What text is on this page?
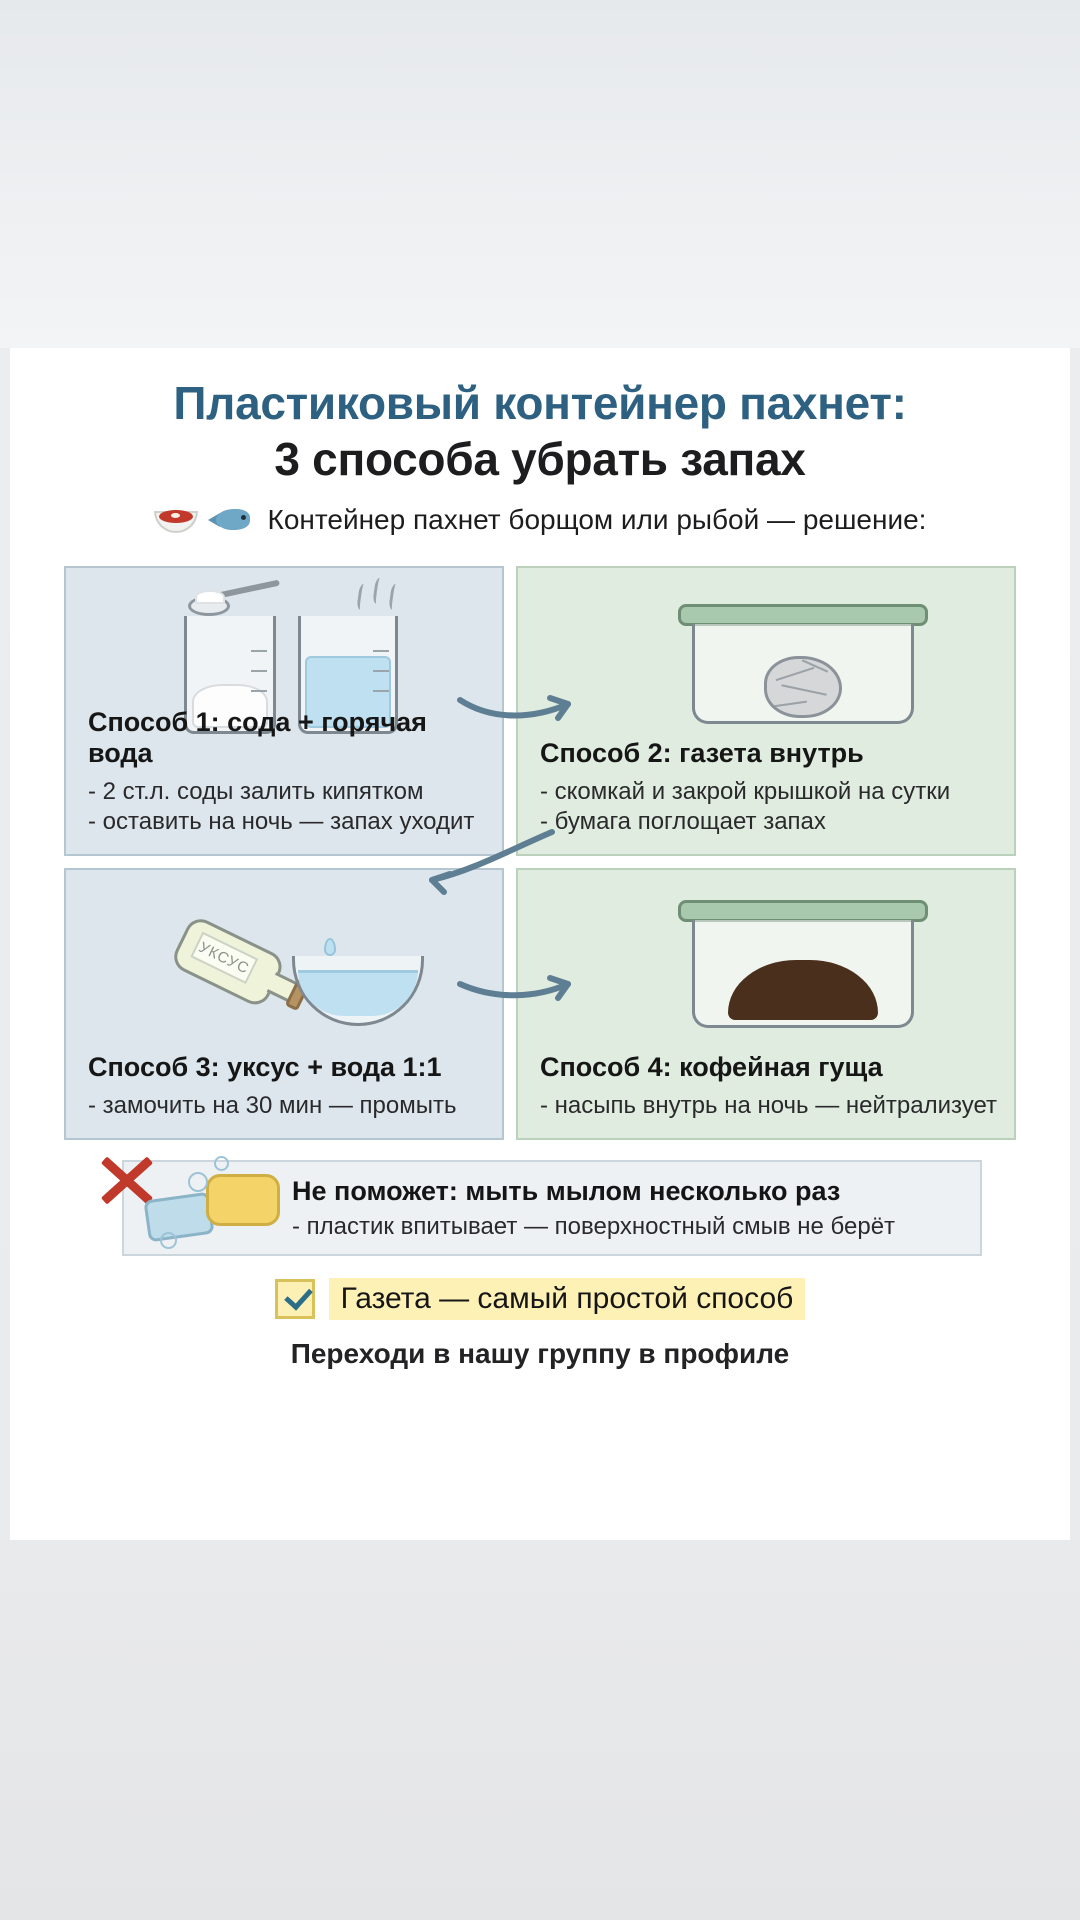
Пластиковый контейнер пахнет:
3 способа убрать запах
Контейнер пахнет борщом или рыбой — решение:
Способ 1: сода + горячая вода
- 2 ст.л. соды залить кипятком
- оставить на ночь — запах уходит
Способ 2: газета внутрь
- скомкай и закрой крышкой на сутки
- бумага поглощает запах
УКСУС
Способ 3: уксус + вода 1:1
- замочить на 30 мин — промыть
Способ 4: кофейная гуща
- насыпь внутрь на ночь — нейтрализует
Не поможет: мыть мылом несколько раз
- пластик впитывает — поверхностный смыв не берёт
Газета — самый простой способ
Переходи в нашу группу в профиле
